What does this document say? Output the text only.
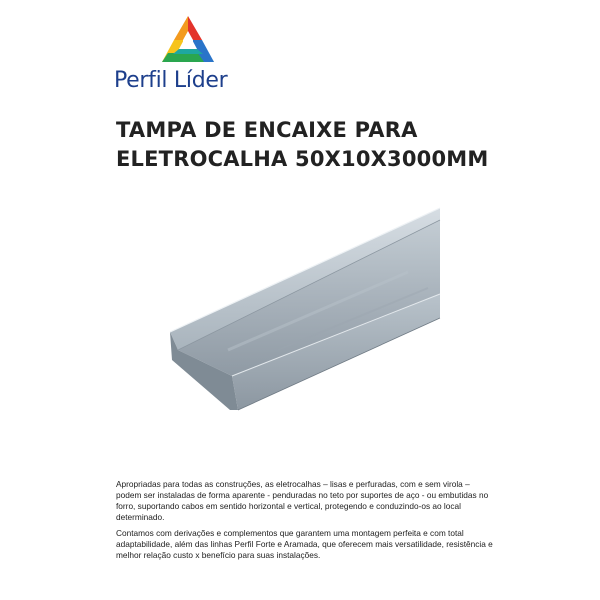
Perfil Líder
TAMPA DE ENCAIXE PARA
ELETROCALHA 50X10X3000MM

Apropriadas para todas as construções, as eletrocalhas – lisas e perfuradas, com e sem virola – podem ser instaladas de forma aparente - penduradas no teto por suportes de aço - ou embutidas no forro, suportando cabos em sentido horizontal e vertical, protegendo e conduzindo-os ao local determinado.

Contamos com derivações e complementos que garantem uma montagem perfeita e com total adaptabilidade, além das linhas Perfil Forte e Aramada, que oferecem mais versatilidade, resistência e melhor relação custo x benefício para suas instalações.
